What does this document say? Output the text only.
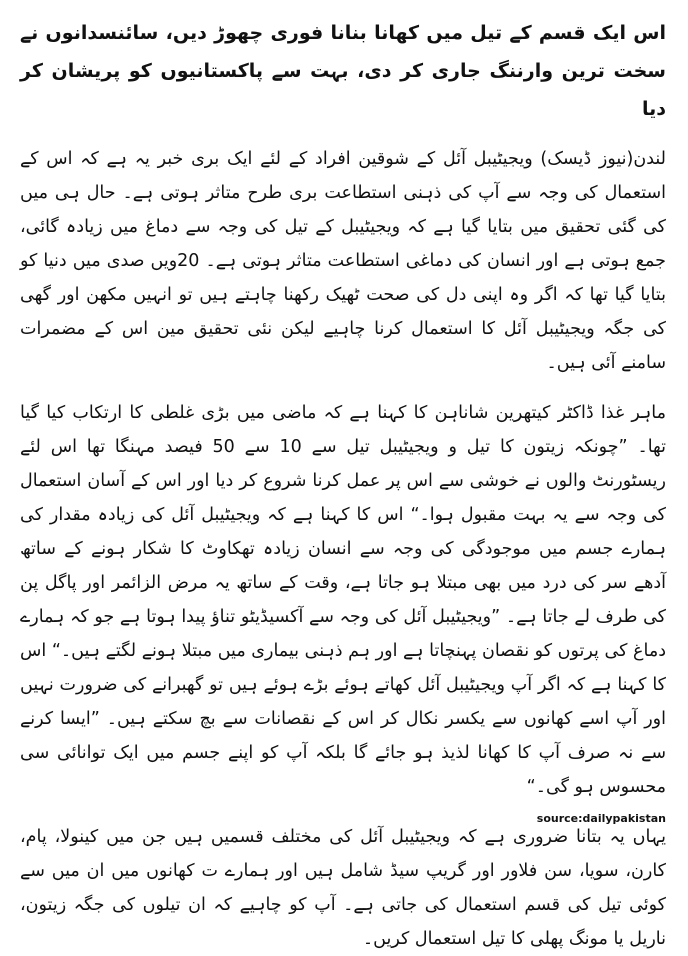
اس ایک قسم کے تیل میں کھانا بنانا فوری چھوڑ دیں، سائنسدانوں نے سخت ترین وارننگ جاری کر دی، بہت سے پاکستانیوں کو پریشان کر دیا

لندن(نیوز ڈیسک) ویجیٹیبل آئل کے شوقین افراد کے لئے ایک بری خبر یہ ہے کہ اس کے استعمال کی وجہ سے آپ کی ذہنی استطاعت بری طرح متاثر ہوتی ہے۔ حال ہی میں کی گئی تحقیق میں بتایا گیا ہے کہ ویجیٹیبل کے تیل کی وجہ سے دماغ میں زیادہ گائی، جمع ہوتی ہے اور انسان کی دماغی استطاعت متاثر ہوتی ہے۔ 20ویں صدی میں دنیا کو بتایا گیا تھا کہ اگر وہ اپنی دل کی صحت ٹھیک رکھنا چاہتے ہیں تو انہیں مکھن اور گھی کی جگہ ویجیٹیبل آئل کا استعمال کرنا چاہیے لیکن نئی تحقیق مین اس کے مضمرات سامنے آئی ہیں۔

ماہر غذا ڈاکٹر کیتھرین شاناہن کا کہنا ہے کہ ماضی میں بڑی غلطی کا ارتکاب کیا گیا تھا۔ ”چونکہ زیتون کا تیل و ویجیٹیبل تیل سے 10 سے 50 فیصد مہنگا تھا اس لئے ریسٹورنٹ والوں نے خوشی سے اس پر عمل کرنا شروع کر دیا اور اس کے آسان استعمال کی وجہ سے یہ بہت مقبول ہوا۔“ اس کا کہنا ہے کہ ویجیٹیبل آئل کی زیادہ مقدار کی ہمارے جسم میں موجودگی کی وجہ سے انسان زیادہ تھکاوٹ کا شکار ہونے کے ساتھ آدھے سر کی درد میں بھی مبتلا ہو جاتا ہے، وقت کے ساتھ یہ مرض الزائمر اور پاگل پن کی طرف لے جاتا ہے۔ ”ویجیٹیبل آئل کی وجہ سے آکسیڈیٹو تناؤ پیدا ہوتا ہے جو کہ ہمارے دماغ کی پرتوں کو نقصان پہنچاتا ہے اور ہم ذہنی بیماری میں مبتلا ہونے لگتے ہیں۔“ اس کا کہنا ہے کہ اگر آپ ویجیٹیبل آئل کھاتے ہوئے بڑے ہوئے ہیں تو گھبرانے کی ضرورت نہیں اور آپ اسے کھانوں سے یکسر نکال کر اس کے نقصانات سے بچ سکتے ہیں۔ ”ایسا کرنے سے نہ صرف آپ کا کھانا لذیذ ہو جائے گا بلکہ آپ کو اپنے جسم میں ایک توانائی سی محسوس ہو گی۔“

یہاں یہ بتانا ضروری ہے کہ ویجیٹیبل آئل کی مختلف قسمیں ہیں جن میں کینولا، پام، کارن، سویا، سن فلاور اور گریپ سیڈ شامل ہیں اور ہمارے ت کھانوں میں ان میں سے کوئی تیل کی قسم استعمال کی جاتی ہے۔ آپ کو چاہیے کہ ان تیلوں کی جگہ زیتون، ناریل یا مونگ پھلی کا تیل استعمال کریں۔

source:dailypakistan
